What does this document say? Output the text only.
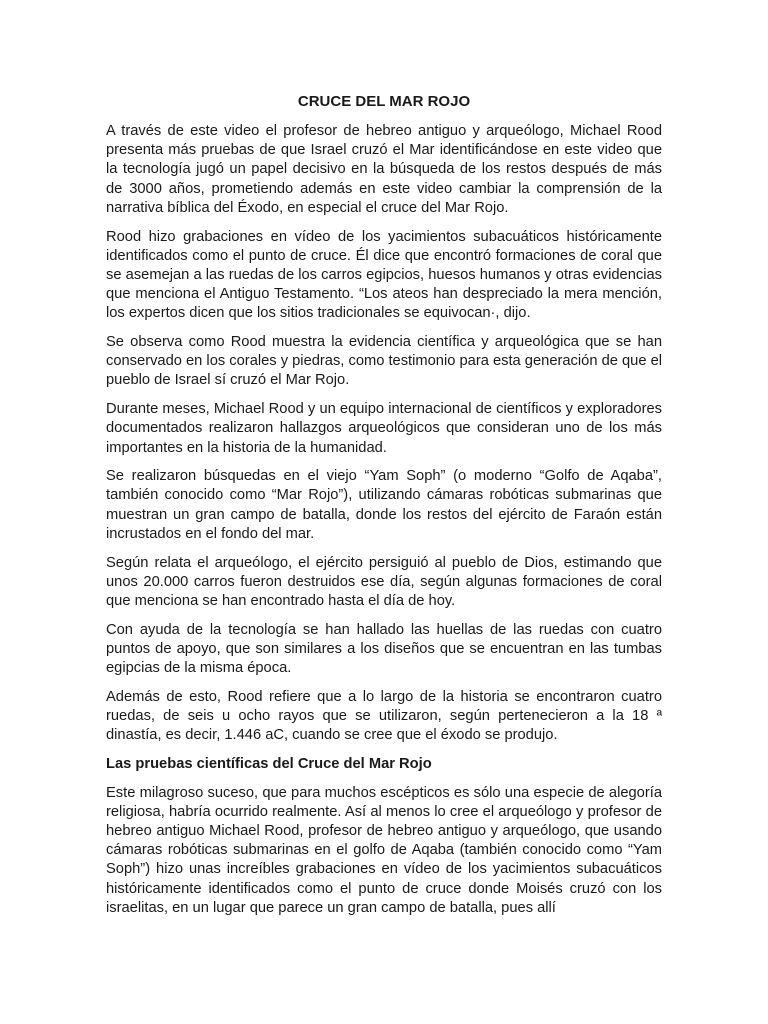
CRUCE DEL MAR ROJO

A través de este video el profesor de hebreo antiguo y arqueólogo, Michael Rood presenta más pruebas de que Israel cruzó el Mar identificándose en este video que la tecnología jugó un papel decisivo en la búsqueda de los restos después de más de 3000 años, prometiendo además en este video cambiar la comprensión de la narrativa bíblica del Éxodo, en especial el cruce del Mar Rojo.

Rood hizo grabaciones en vídeo de los yacimientos subacuáticos históricamente identificados como el punto de cruce. Él dice que encontró formaciones de coral que se asemejan a las ruedas de los carros egipcios, huesos humanos y otras evidencias que menciona el Antiguo Testamento. “Los ateos han despreciado la mera mención, los expertos dicen que los sitios tradicionales se equivocan·, dijo.

Se observa como Rood muestra la evidencia científica y arqueológica que se han conservado en los corales y piedras, como testimonio para esta generación de que el pueblo de Israel sí cruzó el Mar Rojo.

Durante meses, Michael Rood y un equipo internacional de científicos y exploradores documentados realizaron hallazgos arqueológicos que consideran uno de los más importantes en la historia de la humanidad.

Se realizaron búsquedas en el viejo “Yam Soph” (o moderno “Golfo de Aqaba”, también conocido como “Mar Rojo”), utilizando cámaras robóticas submarinas que muestran un gran campo de batalla, donde los restos del ejército de Faraón están incrustados en el fondo del mar.

Según relata el arqueólogo, el ejército persiguió al pueblo de Dios, estimando que unos 20.000 carros fueron destruidos ese día, según algunas formaciones de coral que menciona se han encontrado hasta el día de hoy.

Con ayuda de la tecnología se han hallado las huellas de las ruedas con cuatro puntos de apoyo, que son similares a los diseños que se encuentran en las tumbas egipcias de la misma época.

Además de esto, Rood refiere que a lo largo de la historia se encontraron cuatro ruedas, de seis u ocho rayos que se utilizaron, según pertenecieron a la 18 ª dinastía, es decir, 1.446 aC, cuando se cree que el éxodo se produjo.

Las pruebas científicas del Cruce del Mar Rojo

Este milagroso suceso, que para muchos escépticos es sólo una especie de alegoría religiosa, habría ocurrido realmente. Así al menos lo cree el arqueólogo y profesor de hebreo antiguo Michael Rood, profesor de hebreo antiguo y arqueólogo, que usando cámaras robóticas submarinas en el golfo de Aqaba (también conocido como “Yam Soph”) hizo unas increíbles grabaciones en vídeo de los yacimientos subacuáticos históricamente identificados como el punto de cruce donde Moisés cruzó con los israelitas, en un lugar que parece un gran campo de batalla, pues allí
